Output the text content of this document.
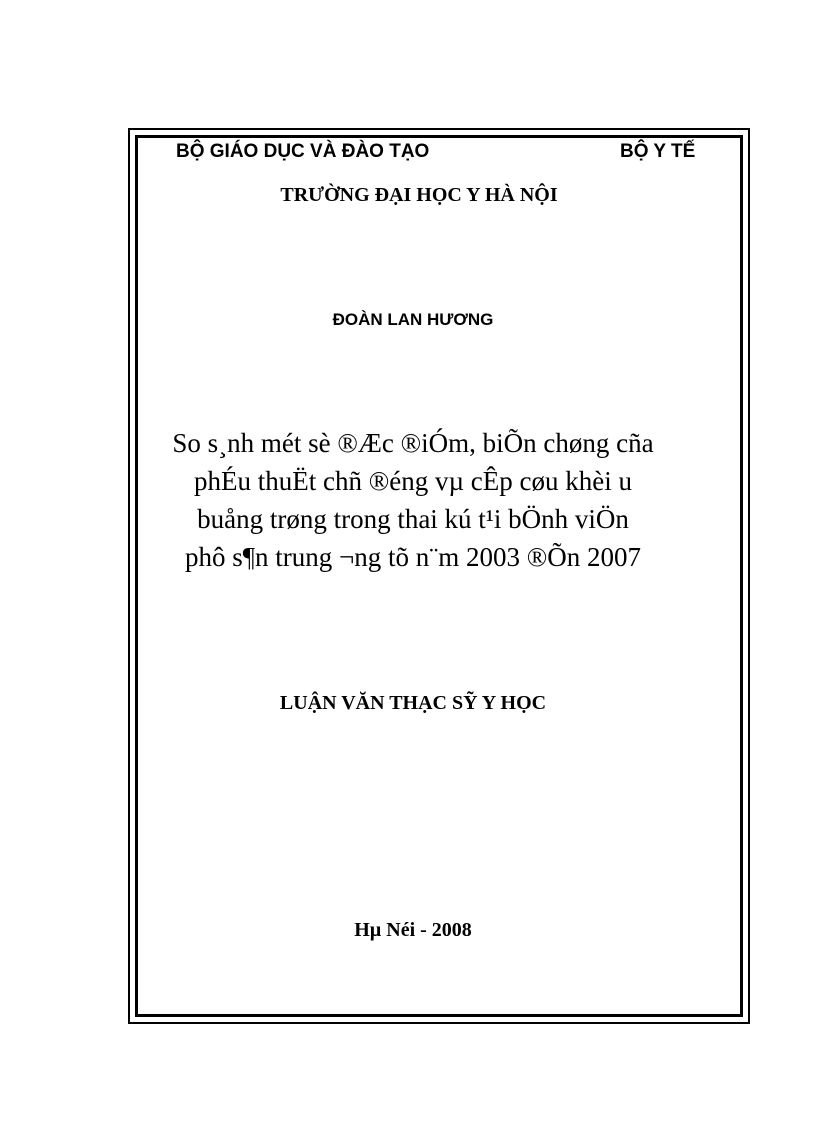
BỘ GIÁO DỤC VÀ ĐÀO TẠO	BỘ Y TẾ
TRƯỜNG ĐẠI HỌC Y HÀ NỘI
ĐOÀN LAN HƯƠNG
So s¸nh mét sè ®Æc ®iÓm, biÕn chøng cña
phÉu thuËt chñ ®éng vµ cÊp cøu khèi u
buång trøng trong thai kú t¹i bÖnh viÖn
phô s¶n trung ¬ng tõ n¨m 2003 ®Õn 2007
LUẬN VĂN THẠC SỸ Y HỌC
Hµ Néi - 2008
